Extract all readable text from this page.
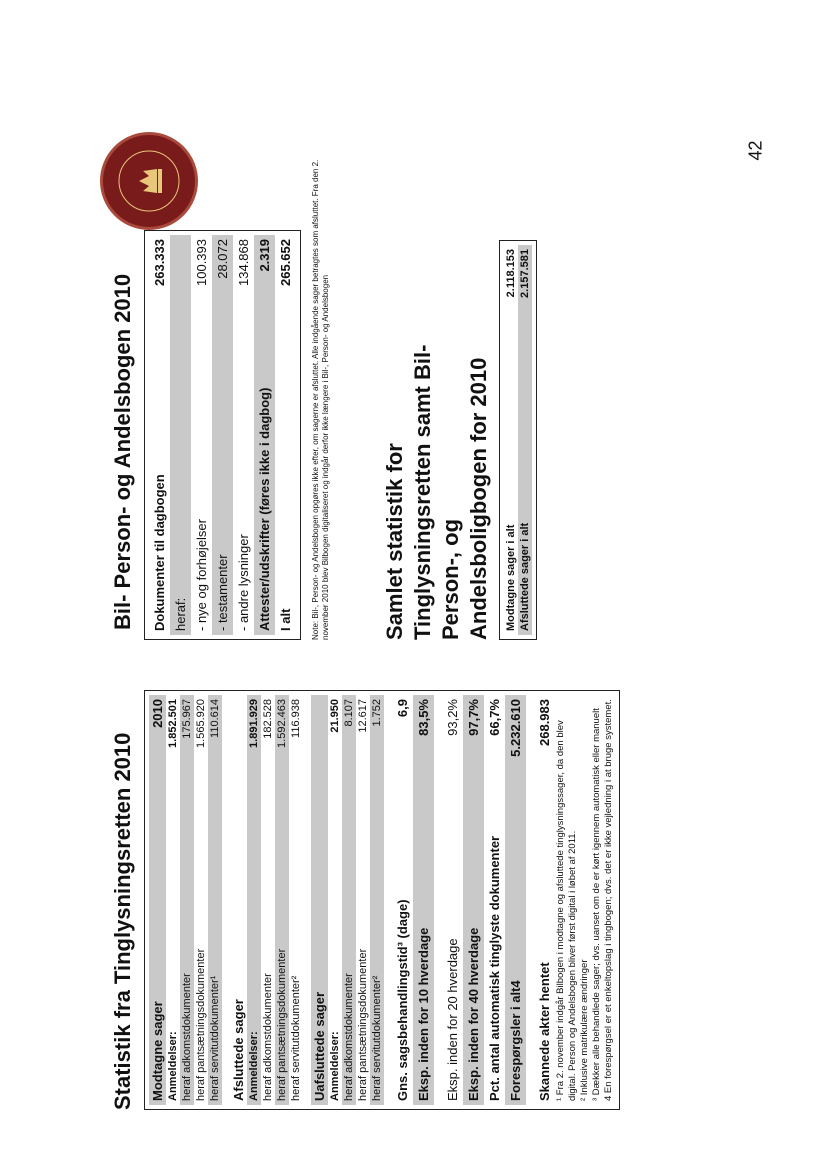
42
Statistik fra Tinglysningsretten 2010 Modtagne sager
2010
Anmeldelser:
1.852.501
heraf adkomstdokumenter
175.967
heraf pantsætningsdokumenter
1.565.920
heraf servitutdokumenter¹
110.614
Afsluttede sager Anmeldelser:
1.891.929
heraf adkomstdokumenter
182.528
heraf pantsætningsdokumenter
1.592.463
heraf servitutdokumenter²
116.938
Uafsluttede sager Anmeldelser:
21.950
heraf adkomstdokumenter
8.107
heraf pantsætningsdokumenter
12.617
heraf servitutdokumenter²
1.752
Gns. sagsbehandlingstid³ (dage)
6,9
Eksp. inden for 10 hverdage
83,5%
Eksp. inden for 20 hverdage
93,2%
Eksp. inden for 40 hverdage
97,7%
Pct. antal automatisk tinglyste dokumenter
66,7%
Forespørgsler i alt4
5.232.610
Skannede akter hentet
268.983 ¹ Fra 2. november indgår Bilbogen i modtagne og afsluttede tinglysningssager, da den blev digital. Person og Andelsbogen bliver først digital i løbet af 2011. ² Inklusive matrikulære ændringer ³ Dækker alle behandlede sager; dvs. uanset om de er kørt igennem automatisk eller manuelt 4 En forespørgsel er et enkeltopslag i tingbogen; dvs. det er ikke vejledning i at bruge systemet.
Bil- Person- og Andelsbogen 2010 Dokumenter til dagbogen
263.333
heraf: - nye og forhøjelser
100.393
- testamenter
28.072
- andre lysninger
134.868
Attester/udskrifter (føres ikke i dagbog)
2.319
I alt
265.652 Note: Bil-, Person- og Andelsbogen opgøres ikke efter, om sagerne er afsluttet. Alle indgående sager betragtes som afsluttet. Fra den 2. november 2010 blev Bilbogen digitaliseret og indgår derfor ikke længere i Bil-, Person- og Andelsbogen Samlet statistik for Tinglysningsretten samt Bil- Person-, og Andelsboligbogen for 2010 Modtagne sager i alt
2.118.153
Afsluttede sager i alt
2.157.581
